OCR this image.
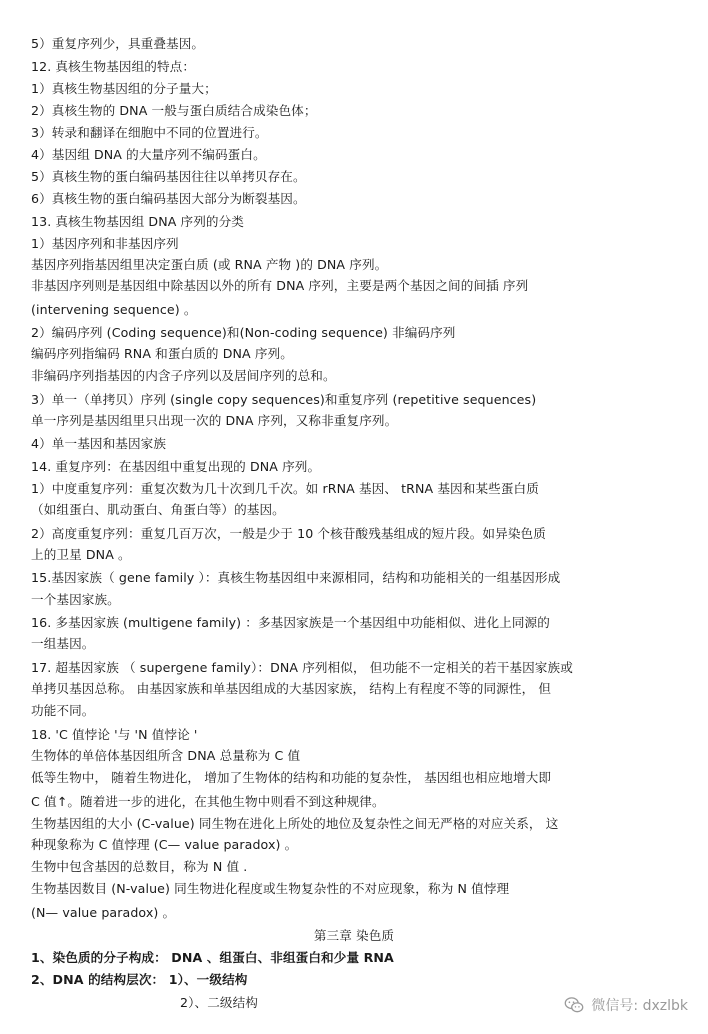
5）重复序列少，具重叠基因。
12. 真核生物基因组的特点：
1）真核生物基因组的分子量大；
2）真核生物的 DNA 一般与蛋白质结合成染色体；
3）转录和翻译在细胞中不同的位置进行。
4）基因组 DNA 的大量序列不编码蛋白。
5）真核生物的蛋白编码基因往往以单拷贝存在。
6）真核生物的蛋白编码基因大部分为断裂基因。
13. 真核生物基因组 DNA 序列的分类
1）基因序列和非基因序列
基因序列指基因组里决定蛋白质 (或 RNA 产物 )的 DNA 序列。
非基因序列则是基因组中除基因以外的所有 DNA 序列，主要是两个基因之间的间插 序列
(intervening sequence) 。
2）编码序列 (Coding sequence)和(Non-coding sequence) 非编码序列
编码序列指编码 RNA 和蛋白质的 DNA 序列。
非编码序列指基因的内含子序列以及居间序列的总和。
3）单一（单拷贝）序列 (single copy sequences)和重复序列 (repetitive sequences)
单一序列是基因组里只出现一次的 DNA 序列，又称非重复序列。
4）单一基因和基因家族
14. 重复序列：在基因组中重复出现的 DNA 序列。
1）中度重复序列：重复次数为几十次到几千次。如 rRNA 基因、 tRNA 基因和某些蛋白质
（如组蛋白、肌动蛋白、角蛋白等）的基因。
2）高度重复序列：重复几百万次，一般是少于 10 个核苷酸残基组成的短片段。如异染色质
上的卫星 DNA 。
15.基因家族（ gene family ）：真核生物基因组中来源相同，结构和功能相关的一组基因形成
一个基因家族。
16. 多基因家族 (multigene family) ：多基因家族是一个基因组中功能相似、进化上同源的
一组基因。
17. 超基因家族 （ supergene family）：DNA 序列相似， 但功能不一定相关的若干基因家族或
单拷贝基因总称。 由基因家族和单基因组成的大基因家族， 结构上有程度不等的同源性， 但
功能不同。
18. 'C 值悖论 '与 'N 值悖论 '
生物体的单倍体基因组所含 DNA 总量称为 C 值
低等生物中， 随着生物进化， 增加了生物体的结构和功能的复杂性， 基因组也相应地增大即
C 值↑。随着进一步的进化，在其他生物中则看不到这种规律。
生物基因组的大小 (C-value) 同生物在进化上所处的地位及复杂性之间无严格的对应关系， 这
种现象称为 C 值悖理 (C— value paradox) 。
生物中包含基因的总数目，称为 N 值 .
生物基因数目 (N-value) 同生物进化程度或生物复杂性的不对应现象，称为 N 值悖理
(N— value paradox) 。
第三章 染色质
1、染色质的分子构成： DNA 、组蛋白、非组蛋白和少量 RNA
2、DNA 的结构层次： 1）、一级结构
2）、二级结构	微信号: dxzlbk
